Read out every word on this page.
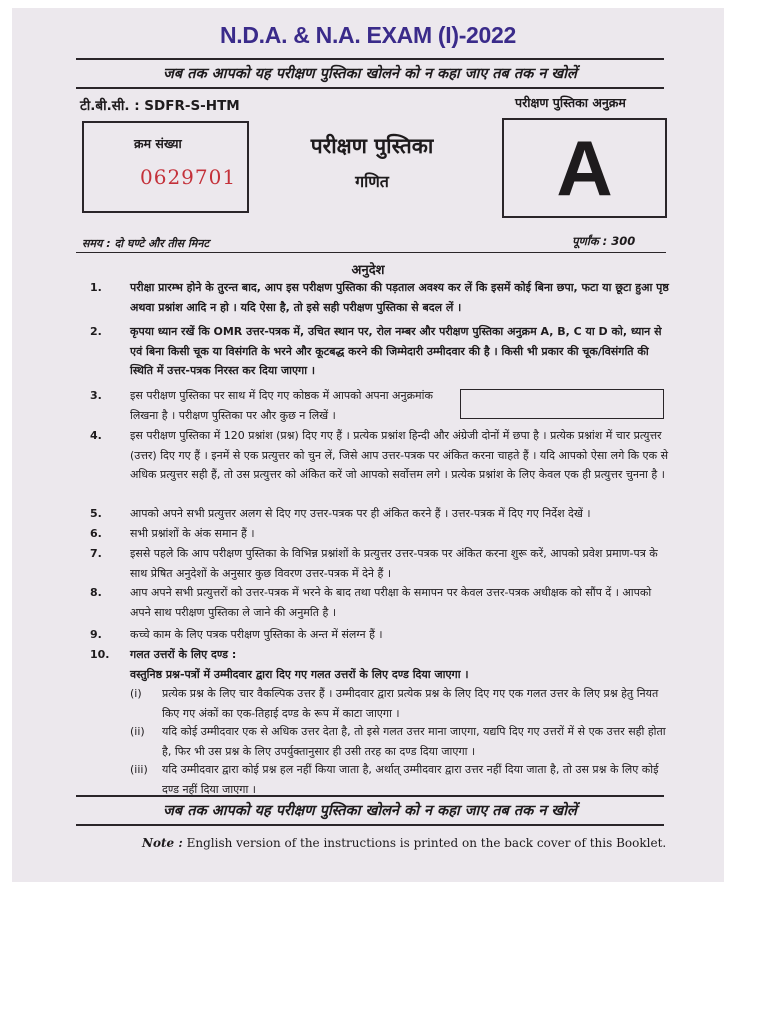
N.D.A. & N.A. EXAM (I)-2022
जब तक आपको यह परीक्षण पुस्तिका खोलने को न कहा जाए तब तक न खोलें
टी.बी.सी. : SDFR-S-HTM	परीक्षण पुस्तिका अनुक्रम
क्रम संख्या
0629701
परीक्षण पुस्तिका
गणित	A
समय : दो घण्टे और तीस मिनट	पूर्णांक : 300
अनुदेश
1.	परीक्षा प्रारम्भ होने के तुरन्त बाद, आप इस परीक्षण पुस्तिका की पड़ताल अवश्य कर लें कि इसमें कोई बिना छपा, फटा या छूटा हुआ पृष्ठ अथवा प्रश्नांश आदि न हो । यदि ऐसा है, तो इसे सही परीक्षण पुस्तिका से बदल लें ।
2.	कृपया ध्यान रखें कि OMR उत्तर-पत्रक में, उचित स्थान पर, रोल नम्बर और परीक्षण पुस्तिका अनुक्रम A, B, C या D को, ध्यान से एवं बिना किसी चूक या विसंगति के भरने और कूटबद्ध करने की जिम्मेदारी उम्मीदवार की है । किसी भी प्रकार की चूक/विसंगति की स्थिति में उत्तर-पत्रक निरस्त कर दिया जाएगा ।
3.	इस परीक्षण पुस्तिका पर साथ में दिए गए कोष्ठक में आपको अपना अनुक्रमांक लिखना है । परीक्षण पुस्तिका पर और कुछ न लिखें ।
4.	इस परीक्षण पुस्तिका में 120 प्रश्नांश (प्रश्न) दिए गए हैं । प्रत्येक प्रश्नांश हिन्दी और अंग्रेजी दोनों में छपा है । प्रत्येक प्रश्नांश में चार प्रत्युत्तर (उत्तर) दिए गए हैं । इनमें से एक प्रत्युत्तर को चुन लें, जिसे आप उत्तर-पत्रक पर अंकित करना चाहते हैं । यदि आपको ऐसा लगे कि एक से अधिक प्रत्युत्तर सही हैं, तो उस प्रत्युत्तर को अंकित करें जो आपको सर्वोत्तम लगे । प्रत्येक प्रश्नांश के लिए केवल एक ही प्रत्युत्तर चुनना है ।
5.	आपको अपने सभी प्रत्युत्तर अलग से दिए गए उत्तर-पत्रक पर ही अंकित करने हैं । उत्तर-पत्रक में दिए गए निर्देश देखें ।
6.	सभी प्रश्नांशों के अंक समान हैं ।
7.	इससे पहले कि आप परीक्षण पुस्तिका के विभिन्न प्रश्नांशों के प्रत्युत्तर उत्तर-पत्रक पर अंकित करना शुरू करें, आपको प्रवेश प्रमाण-पत्र के साथ प्रेषित अनुदेशों के अनुसार कुछ विवरण उत्तर-पत्रक में देने हैं ।
8.	आप अपने सभी प्रत्युत्तरों को उत्तर-पत्रक में भरने के बाद तथा परीक्षा के समापन पर केवल उत्तर-पत्रक अधीक्षक को सौंप दें । आपको अपने साथ परीक्षण पुस्तिका ले जाने की अनुमति है ।
9.	कच्चे काम के लिए पत्रक परीक्षण पुस्तिका के अन्त में संलग्न हैं ।
10.	गलत उत्तरों के लिए दण्ड :
वस्तुनिष्ठ प्रश्न-पत्रों में उम्मीदवार द्वारा दिए गए गलत उत्तरों के लिए दण्ड दिया जाएगा ।
(i)	प्रत्येक प्रश्न के लिए चार वैकल्पिक उत्तर हैं । उम्मीदवार द्वारा प्रत्येक प्रश्न के लिए दिए गए एक गलत उत्तर के लिए प्रश्न हेतु नियत किए गए अंकों का एक-तिहाई दण्ड के रूप में काटा जाएगा ।
(ii)	यदि कोई उम्मीदवार एक से अधिक उत्तर देता है, तो इसे गलत उत्तर माना जाएगा, यद्यपि दिए गए उत्तरों में से एक उत्तर सही होता है, फिर भी उस प्रश्न के लिए उपर्युक्तानुसार ही उसी तरह का दण्ड दिया जाएगा ।
(iii)	यदि उम्मीदवार द्वारा कोई प्रश्न हल नहीं किया जाता है, अर्थात् उम्मीदवार द्वारा उत्तर नहीं दिया जाता है, तो उस प्रश्न के लिए कोई दण्ड नहीं दिया जाएगा ।
जब तक आपको यह परीक्षण पुस्तिका खोलने को न कहा जाए तब तक न खोलें
Note : English version of the instructions is printed on the back cover of this Booklet.
